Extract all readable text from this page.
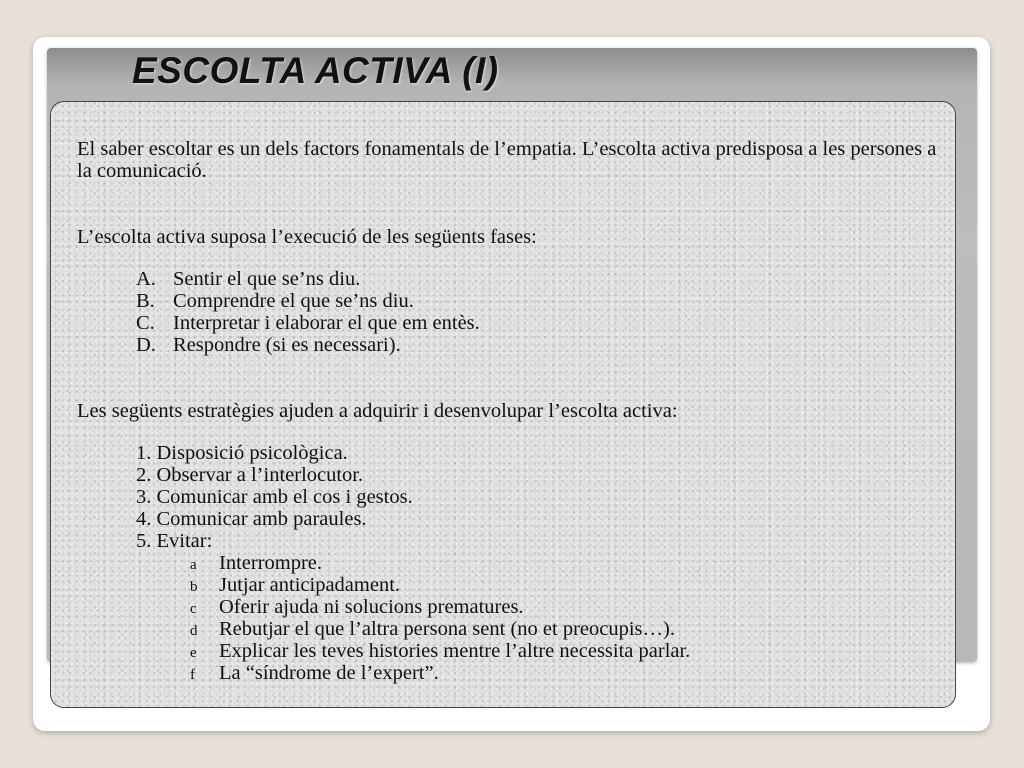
ESCOLTA ACTIVA (I)

El saber escoltar es un dels factors fonamentals de l’empatia. L’escolta activa predisposa a les persones a la comunicació.

L’escolta activa suposa l’execució de les següents fases:

A. Sentir el que se’ns diu.
B. Comprendre el que se’ns diu.
C. Interpretar i elaborar el que em entès.
D. Respondre (si es necessari).

Les següents estratègies ajuden a adquirir i desenvolupar l’escolta activa:

1. Disposició psicològica.
2. Observar a l’interlocutor.
3. Comunicar amb el cos i gestos.
4. Comunicar amb paraules.
5. Evitar:
a Interrompre.
b Jutjar anticipadament.
c Oferir ajuda ni solucions prematures.
d Rebutjar el que l’altra persona sent (no et preocupis…).
e Explicar les teves histories mentre l’altre necessita parlar.
f La “síndrome de l’expert”.
